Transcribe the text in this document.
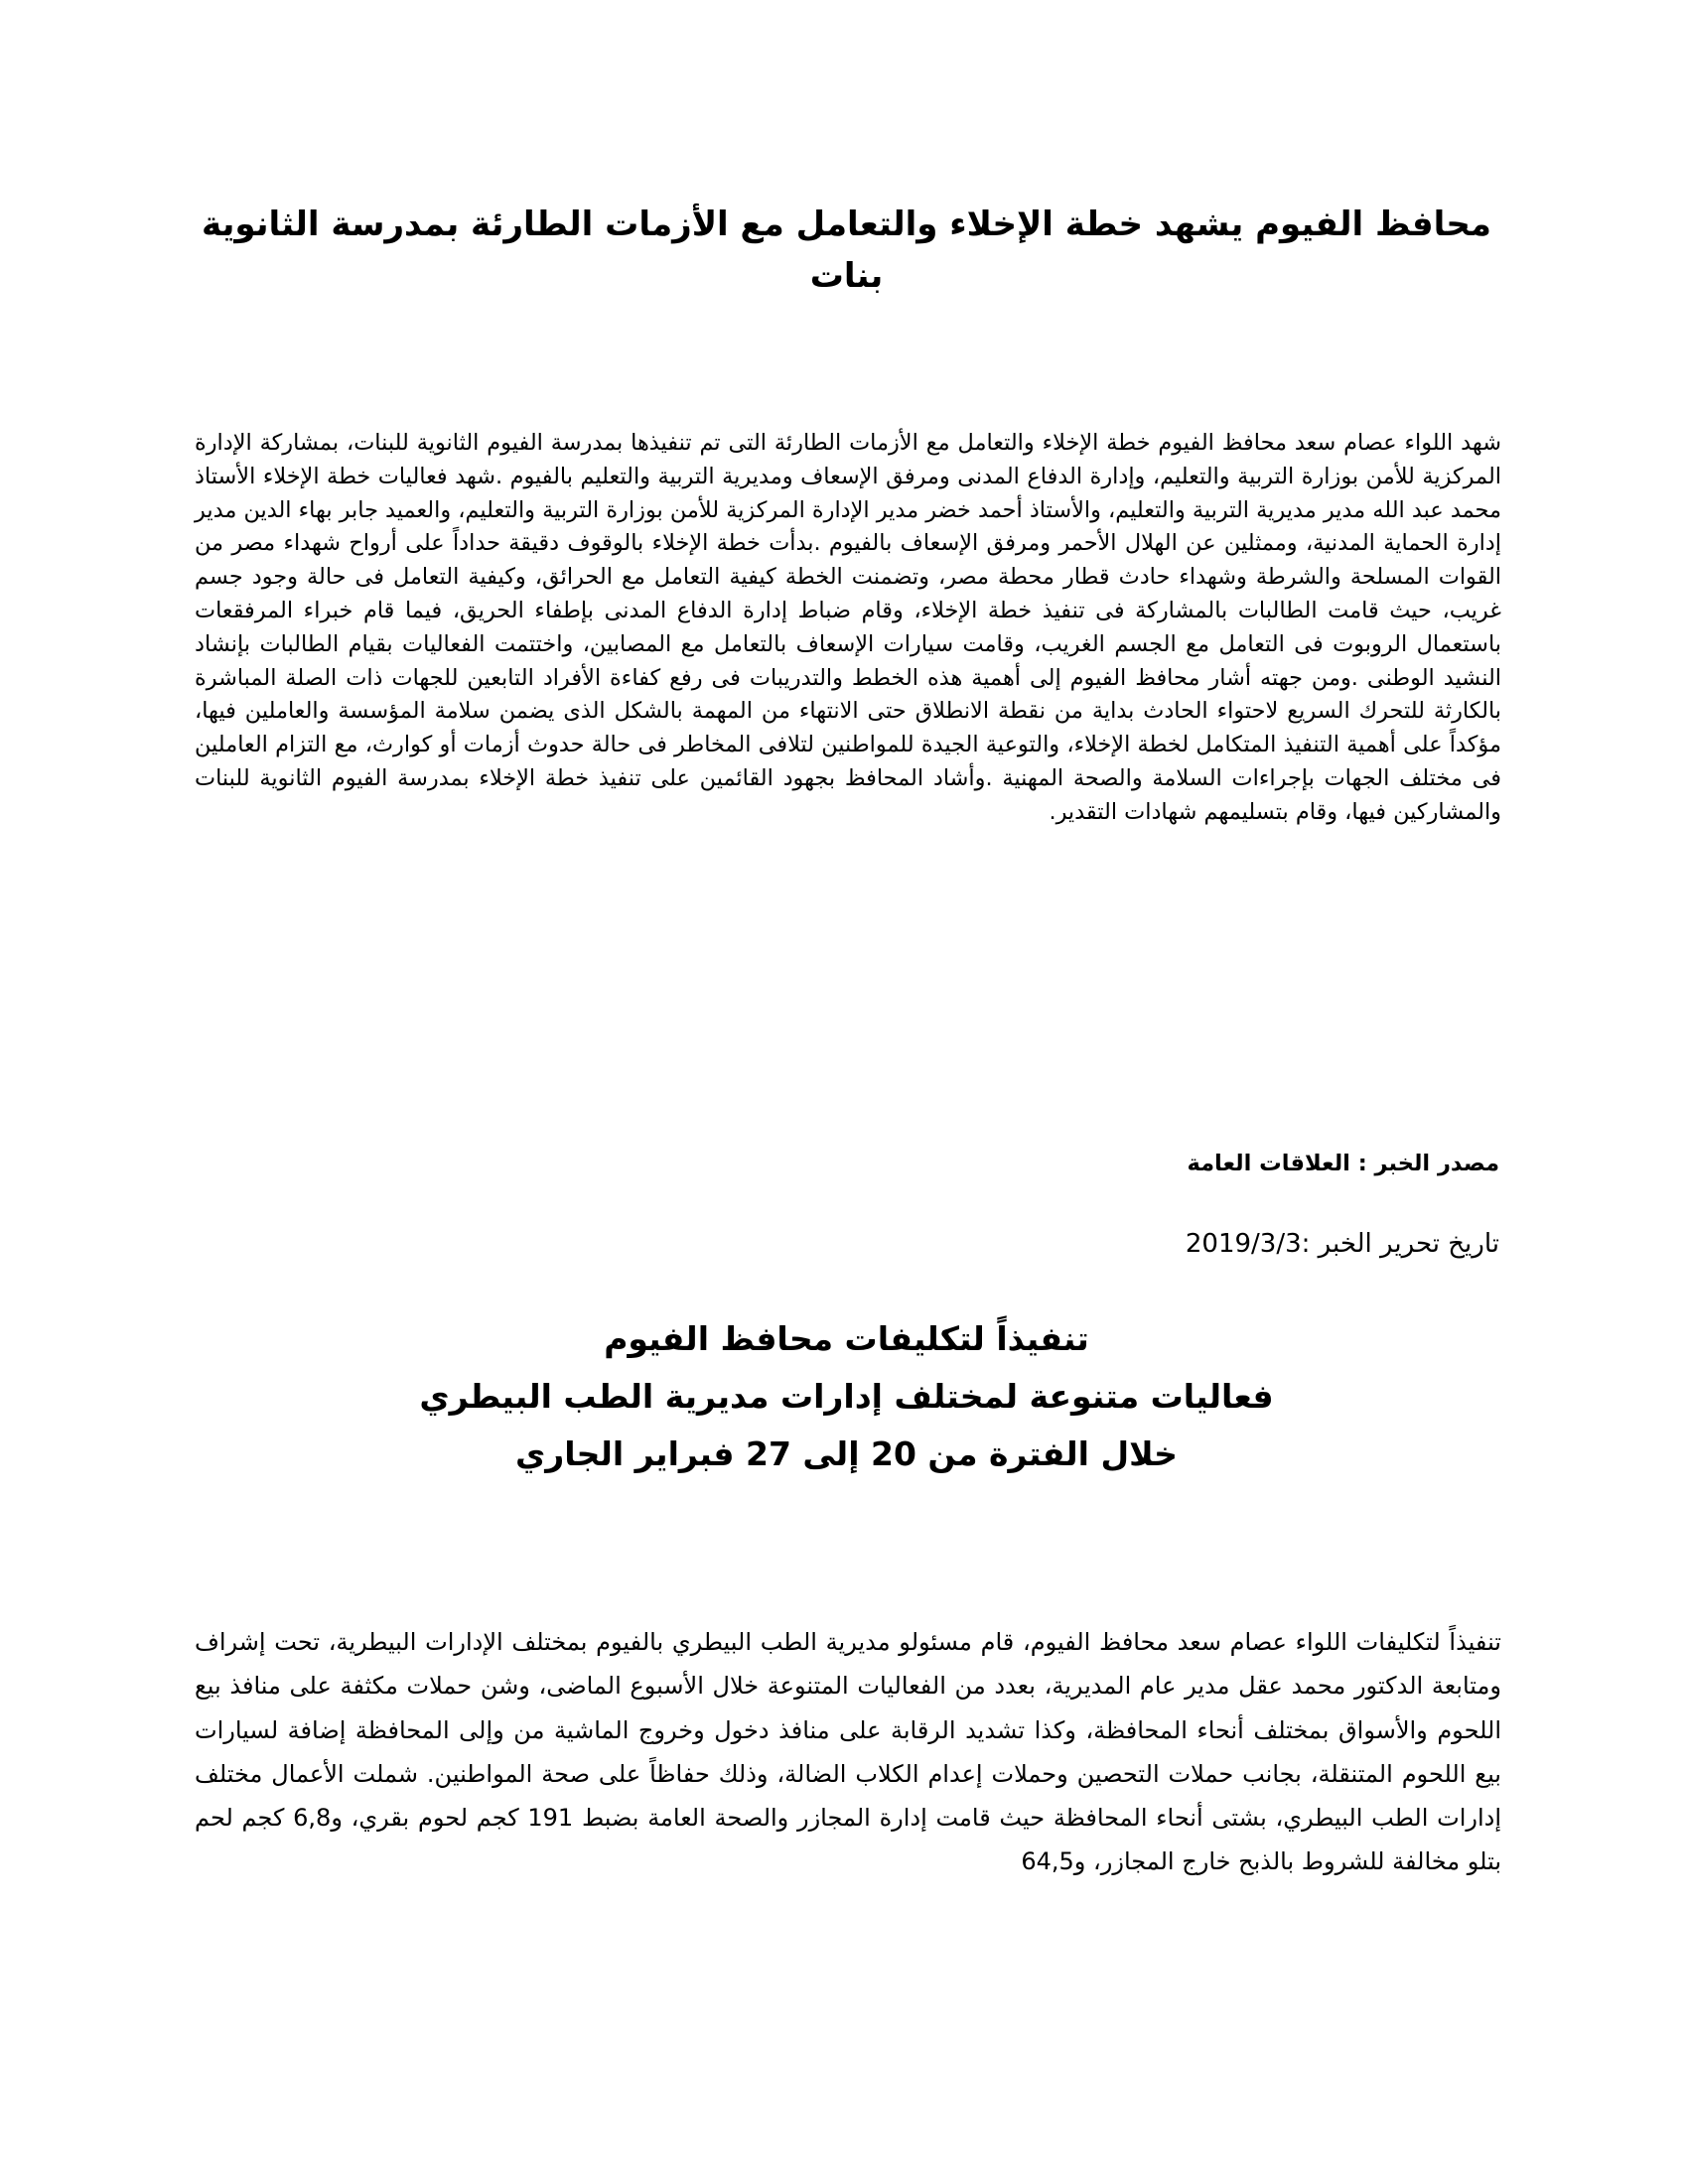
محافظ الفيوم يشهد خطة الإخلاء والتعامل مع الأزمات الطارئة بمدرسة الثانوية بنات

شهد اللواء عصام سعد محافظ الفيوم خطة الإخلاء والتعامل مع الأزمات الطارئة التى تم تنفيذها بمدرسة الفيوم الثانوية للبنات، بمشاركة الإدارة المركزية للأمن بوزارة التربية والتعليم، وإدارة الدفاع المدنى ومرفق الإسعاف ومديرية التربية والتعليم بالفيوم .شهد فعاليات خطة الإخلاء الأستاذ محمد عبد الله مدير مديرية التربية والتعليم، والأستاذ أحمد خضر مدير الإدارة المركزية للأمن بوزارة التربية والتعليم، والعميد جابر بهاء الدين مدير إدارة الحماية المدنية، وممثلين عن الهلال الأحمر ومرفق الإسعاف بالفيوم .بدأت خطة الإخلاء بالوقوف دقيقة حداداً على أرواح شهداء مصر من القوات المسلحة والشرطة وشهداء حادث قطار محطة مصر، وتضمنت الخطة كيفية التعامل مع الحرائق، وكيفية التعامل فى حالة وجود جسم غريب، حيث قامت الطالبات بالمشاركة فى تنفيذ خطة الإخلاء، وقام ضباط إدارة الدفاع المدنى بإطفاء الحريق، فيما قام خبراء المرفقعات باستعمال الروبوت فى التعامل مع الجسم الغريب، وقامت سيارات الإسعاف بالتعامل مع المصابين، واختتمت الفعاليات بقيام الطالبات بإنشاد النشيد الوطنى .ومن جهته أشار محافظ الفيوم إلى أهمية هذه الخطط والتدريبات فى رفع كفاءة الأفراد التابعين للجهات ذات الصلة المباشرة بالكارثة للتحرك السريع لاحتواء الحادث بداية من نقطة الانطلاق حتى الانتهاء من المهمة بالشكل الذى يضمن سلامة المؤسسة والعاملين فيها، مؤكداً على أهمية التنفيذ المتكامل لخطة الإخلاء، والتوعية الجيدة للمواطنين لتلافى المخاطر فى حالة حدوث أزمات أو كوارث، مع التزام العاملين فى مختلف الجهات بإجراءات السلامة والصحة المهنية .وأشاد المحافظ بجهود القائمين على تنفيذ خطة الإخلاء بمدرسة الفيوم الثانوية للبنات والمشاركين فيها، وقام بتسليمهم شهادات التقدير.

مصدر الخبر : العلاقات العامة

تاريخ تحرير الخبر :2019/3/3

تنفيذاً لتكليفات محافظ الفيوم
فعاليات متنوعة لمختلف إدارات مديرية الطب البيطري
خلال الفترة من 20 إلى 27 فبراير الجاري

تنفيذاً لتكليفات اللواء عصام سعد محافظ الفيوم، قام مسئولو مديرية الطب البيطري بالفيوم بمختلف الإدارات البيطرية، تحت إشراف ومتابعة الدكتور محمد عقل مدير عام المديرية، بعدد من الفعاليات المتنوعة خلال الأسبوع الماضى، وشن حملات مكثفة على منافذ بيع اللحوم والأسواق بمختلف أنحاء المحافظة، وكذا تشديد الرقابة على منافذ دخول وخروج الماشية من وإلى المحافظة إضافة لسيارات بيع اللحوم المتنقلة، بجانب حملات التحصين وحملات إعدام الكلاب الضالة، وذلك حفاظاً على صحة المواطنين. شملت الأعمال مختلف إدارات الطب البيطري، بشتى أنحاء المحافظة حيث قامت إدارة المجازر والصحة العامة بضبط 191 كجم لحوم بقري، و6,8 كجم لحم بتلو مخالفة للشروط بالذبح خارج المجازر، و64,5
